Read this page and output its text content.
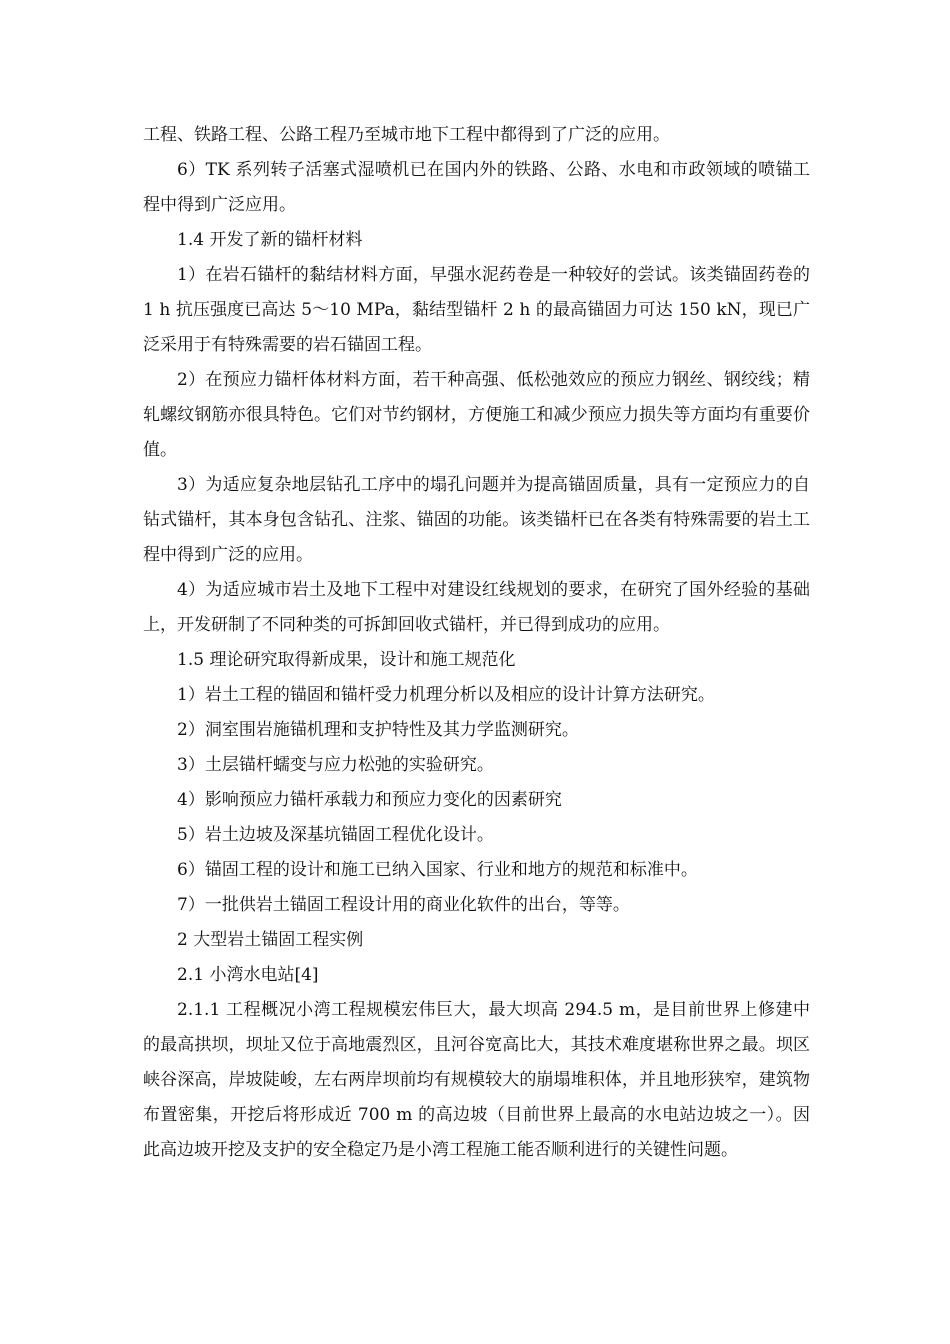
工程、铁路工程、公路工程乃至城市地下工程中都得到了广泛的应用。

6）TK 系列转子活塞式湿喷机已在国内外的铁路、公路、水电和市政领域的喷锚工程中得到广泛应用。

1.4 开发了新的锚杆材料

1）在岩石锚杆的黏结材料方面，早强水泥药卷是一种较好的尝试。该类锚固药卷的 1 h 抗压强度已高达 5～10 MPa，黏结型锚杆 2 h 的最高锚固力可达 150 kN，现已广泛采用于有特殊需要的岩石锚固工程。

2）在预应力锚杆体材料方面，若干种高强、低松弛效应的预应力钢丝、钢绞线；精轧螺纹钢筋亦很具特色。它们对节约钢材，方便施工和减少预应力损失等方面均有重要价值。

3）为适应复杂地层钻孔工序中的塌孔问题并为提高锚固质量，具有一定预应力的自钻式锚杆，其本身包含钻孔、注浆、锚固的功能。该类锚杆已在各类有特殊需要的岩土工程中得到广泛的应用。

4）为适应城市岩土及地下工程中对建设红线规划的要求，在研究了国外经验的基础上，开发研制了不同种类的可拆卸回收式锚杆，并已得到成功的应用。

1.5 理论研究取得新成果，设计和施工规范化

1）岩土工程的锚固和锚杆受力机理分析以及相应的设计计算方法研究。

2）洞室围岩施锚机理和支护特性及其力学监测研究。

3）土层锚杆蠕变与应力松弛的实验研究。

4）影响预应力锚杆承载力和预应力变化的因素研究

5）岩土边坡及深基坑锚固工程优化设计。

6）锚固工程的设计和施工已纳入国家、行业和地方的规范和标准中。

7）一批供岩土锚固工程设计用的商业化软件的出台，等等。

2 大型岩土锚固工程实例

2.1 小湾水电站[4]

2.1.1 工程概况小湾工程规模宏伟巨大，最大坝高 294.5 m，是目前世界上修建中的最高拱坝，坝址又位于高地震烈区，且河谷宽高比大，其技术难度堪称世界之最。坝区峡谷深高，岸坡陡峻，左右两岸坝前均有规模较大的崩塌堆积体，并且地形狭窄，建筑物布置密集，开挖后将形成近 700 m 的高边坡（目前世界上最高的水电站边坡之一）。因此高边坡开挖及支护的安全稳定乃是小湾工程施工能否顺利进行的关键性问题。
